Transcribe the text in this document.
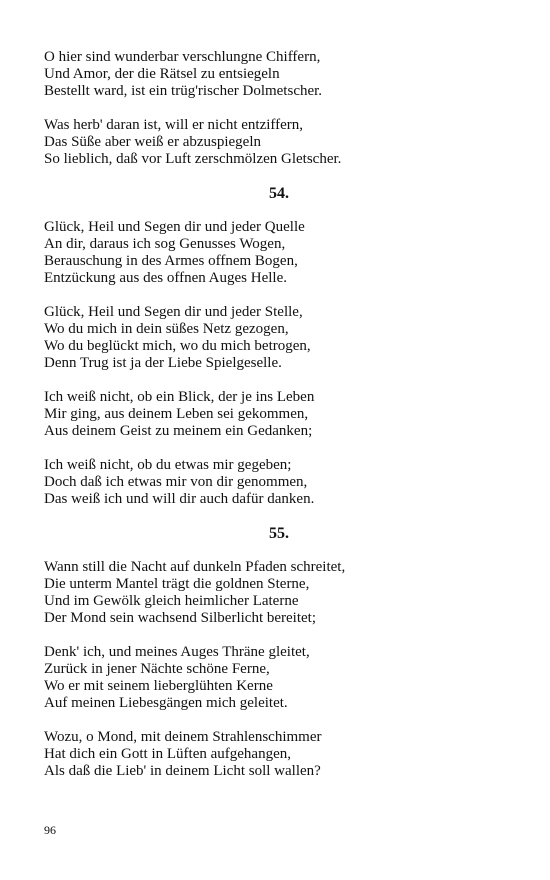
O hier sind wunderbar verschlungne Chiffern,
Und Amor, der die Rätsel zu entsiegeln
Bestellt ward, ist ein trüg'rischer Dolmetscher.
Was herb' daran ist, will er nicht entziffern,
Das Süße aber weiß er abzuspiegeln
So lieblich, daß vor Luft zerschmölzen Gletscher.
54.
Glück, Heil und Segen dir und jeder Quelle
An dir, daraus ich sog Genusses Wogen,
Berauschung in des Armes offnem Bogen,
Entzückung aus des offnen Auges Helle.
Glück, Heil und Segen dir und jeder Stelle,
Wo du mich in dein süßes Netz gezogen,
Wo du beglückt mich, wo du mich betrogen,
Denn Trug ist ja der Liebe Spielgeselle.
Ich weiß nicht, ob ein Blick, der je ins Leben
Mir ging, aus deinem Leben sei gekommen,
Aus deinem Geist zu meinem ein Gedanken;
Ich weiß nicht, ob du etwas mir gegeben;
Doch daß ich etwas mir von dir genommen,
Das weiß ich und will dir auch dafür danken.
55.
Wann still die Nacht auf dunkeln Pfaden schreitet,
Die unterm Mantel trägt die goldnen Sterne,
Und im Gewölk gleich heimlicher Laterne
Der Mond sein wachsend Silberlicht bereitet;
Denk' ich, und meines Auges Thräne gleitet,
Zurück in jener Nächte schöne Ferne,
Wo er mit seinem lieberglühten Kerne
Auf meinen Liebesgängen mich geleitet.
Wozu, o Mond, mit deinem Strahlenschimmer
Hat dich ein Gott in Lüften aufgehangen,
Als daß die Lieb' in deinem Licht soll wallen?
96
